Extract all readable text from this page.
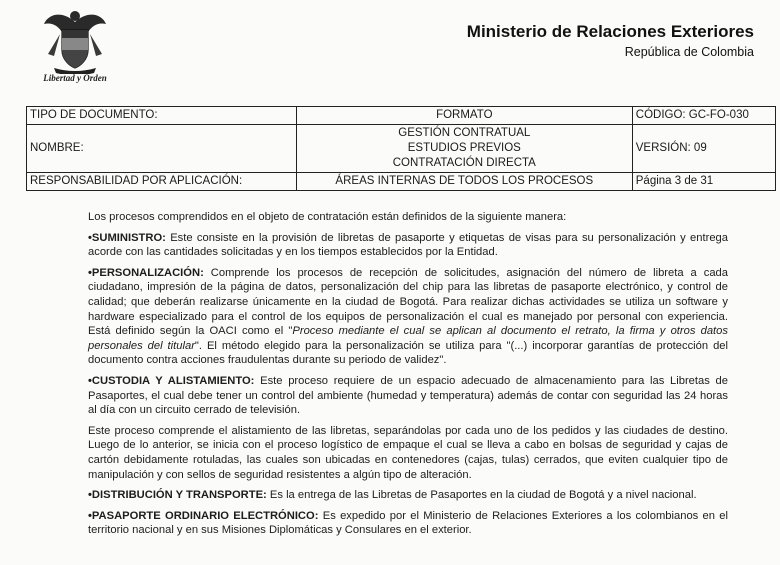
Libertad y Orden
Ministerio de Relaciones Exteriores
República de Colombia
TIPO DE DOCUMENTO:	FORMATO	CÓDIGO: GC-FO-030
NOMBRE:	GESTIÓN CONTRATUAL
ESTUDIOS PREVIOS
CONTRATACIÓN DIRECTA	VERSIÓN: 09
RESPONSABILIDAD POR APLICACIÓN:	ÁREAS INTERNAS DE TODOS LOS PROCESOS	Página 3 de 31

Los procesos comprendidos en el objeto de contratación están definidos de la siguiente manera:

•SUMINISTRO: Este consiste en la provisión de libretas de pasaporte y etiquetas de visas para su personalización y entrega acorde con las cantidades solicitadas y en los tiempos establecidos por la Entidad.

•PERSONALIZACIÓN: Comprende los procesos de recepción de solicitudes, asignación del número de libreta a cada ciudadano, impresión de la página de datos, personalización del chip para las libretas de pasaporte electrónico, y control de calidad; que deberán realizarse únicamente en la ciudad de Bogotá. Para realizar dichas actividades se utiliza un software y hardware especializado para el control de los equipos de personalización el cual es manejado por personal con experiencia. Está definido según la OACI como el "Proceso mediante el cual se aplican al documento el retrato, la firma y otros datos personales del titular". El método elegido para la personalización se utiliza para "(...) incorporar garantías de protección del documento contra acciones fraudulentas durante su periodo de validez".

•CUSTODIA Y ALISTAMIENTO: Este proceso requiere de un espacio adecuado de almacenamiento para las Libretas de Pasaportes, el cual debe tener un control del ambiente (humedad y temperatura) además de contar con seguridad las 24 horas al día con un circuito cerrado de televisión.

Este proceso comprende el alistamiento de las libretas, separándolas por cada uno de los pedidos y las ciudades de destino. Luego de lo anterior, se inicia con el proceso logístico de empaque el cual se lleva a cabo en bolsas de seguridad y cajas de cartón debidamente rotuladas, las cuales son ubicadas en contenedores (cajas, tulas) cerrados, que eviten cualquier tipo de manipulación y con sellos de seguridad resistentes a algún tipo de alteración.

•DISTRIBUCIÓN Y TRANSPORTE: Es la entrega de las Libretas de Pasaportes en la ciudad de Bogotá y a nivel nacional.

•PASAPORTE ORDINARIO ELECTRÓNICO: Es expedido por el Ministerio de Relaciones Exteriores a los colombianos en el territorio nacional y en sus Misiones Diplomáticas y Consulares en el exterior.
